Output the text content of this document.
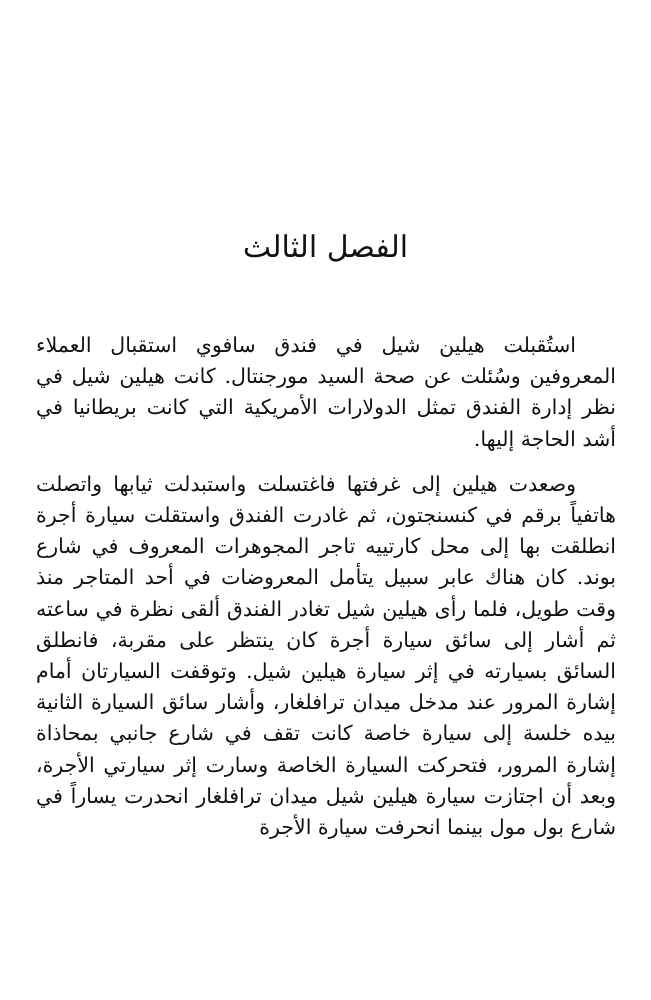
الفصل الثالث

استُقبلت هيلين شيل في فندق سافوي استقبال العملاء المعروفين وسُئلت عن صحة السيد مورجنتال. كانت هيلين شيل في نظر إدارة الفندق تمثل الدولارات الأمريكية التي كانت بريطانيا في أشد الحاجة إليها.

وصعدت هيلين إلى غرفتها فاغتسلت واستبدلت ثيابها واتصلت هاتفياً برقم في كنسنجتون، ثم غادرت الفندق واستقلت سيارة أجرة انطلقت بها إلى محل كارتييه تاجر المجوهرات المعروف في شارع بوند. كان هناك عابر سبيل يتأمل المعروضات في أحد المتاجر منذ وقت طويل، فلما رأى هيلين شيل تغادر الفندق ألقى نظرة في ساعته ثم أشار إلى سائق سيارة أجرة كان ينتظر على مقربة، فانطلق السائق بسيارته في إثر سيارة هيلين شيل. وتوقفت السيارتان أمام إشارة المرور عند مدخل ميدان ترافلغار، وأشار سائق السيارة الثانية بيده خلسة إلى سيارة خاصة كانت تقف في شارع جانبي بمحاذاة إشارة المرور، فتحركت السيارة الخاصة وسارت إثر سيارتي الأجرة، وبعد أن اجتازت سيارة هيلين شيل ميدان ترافلغار انحدرت يساراً في شارع بول مول بينما انحرفت سيارة الأجرة
